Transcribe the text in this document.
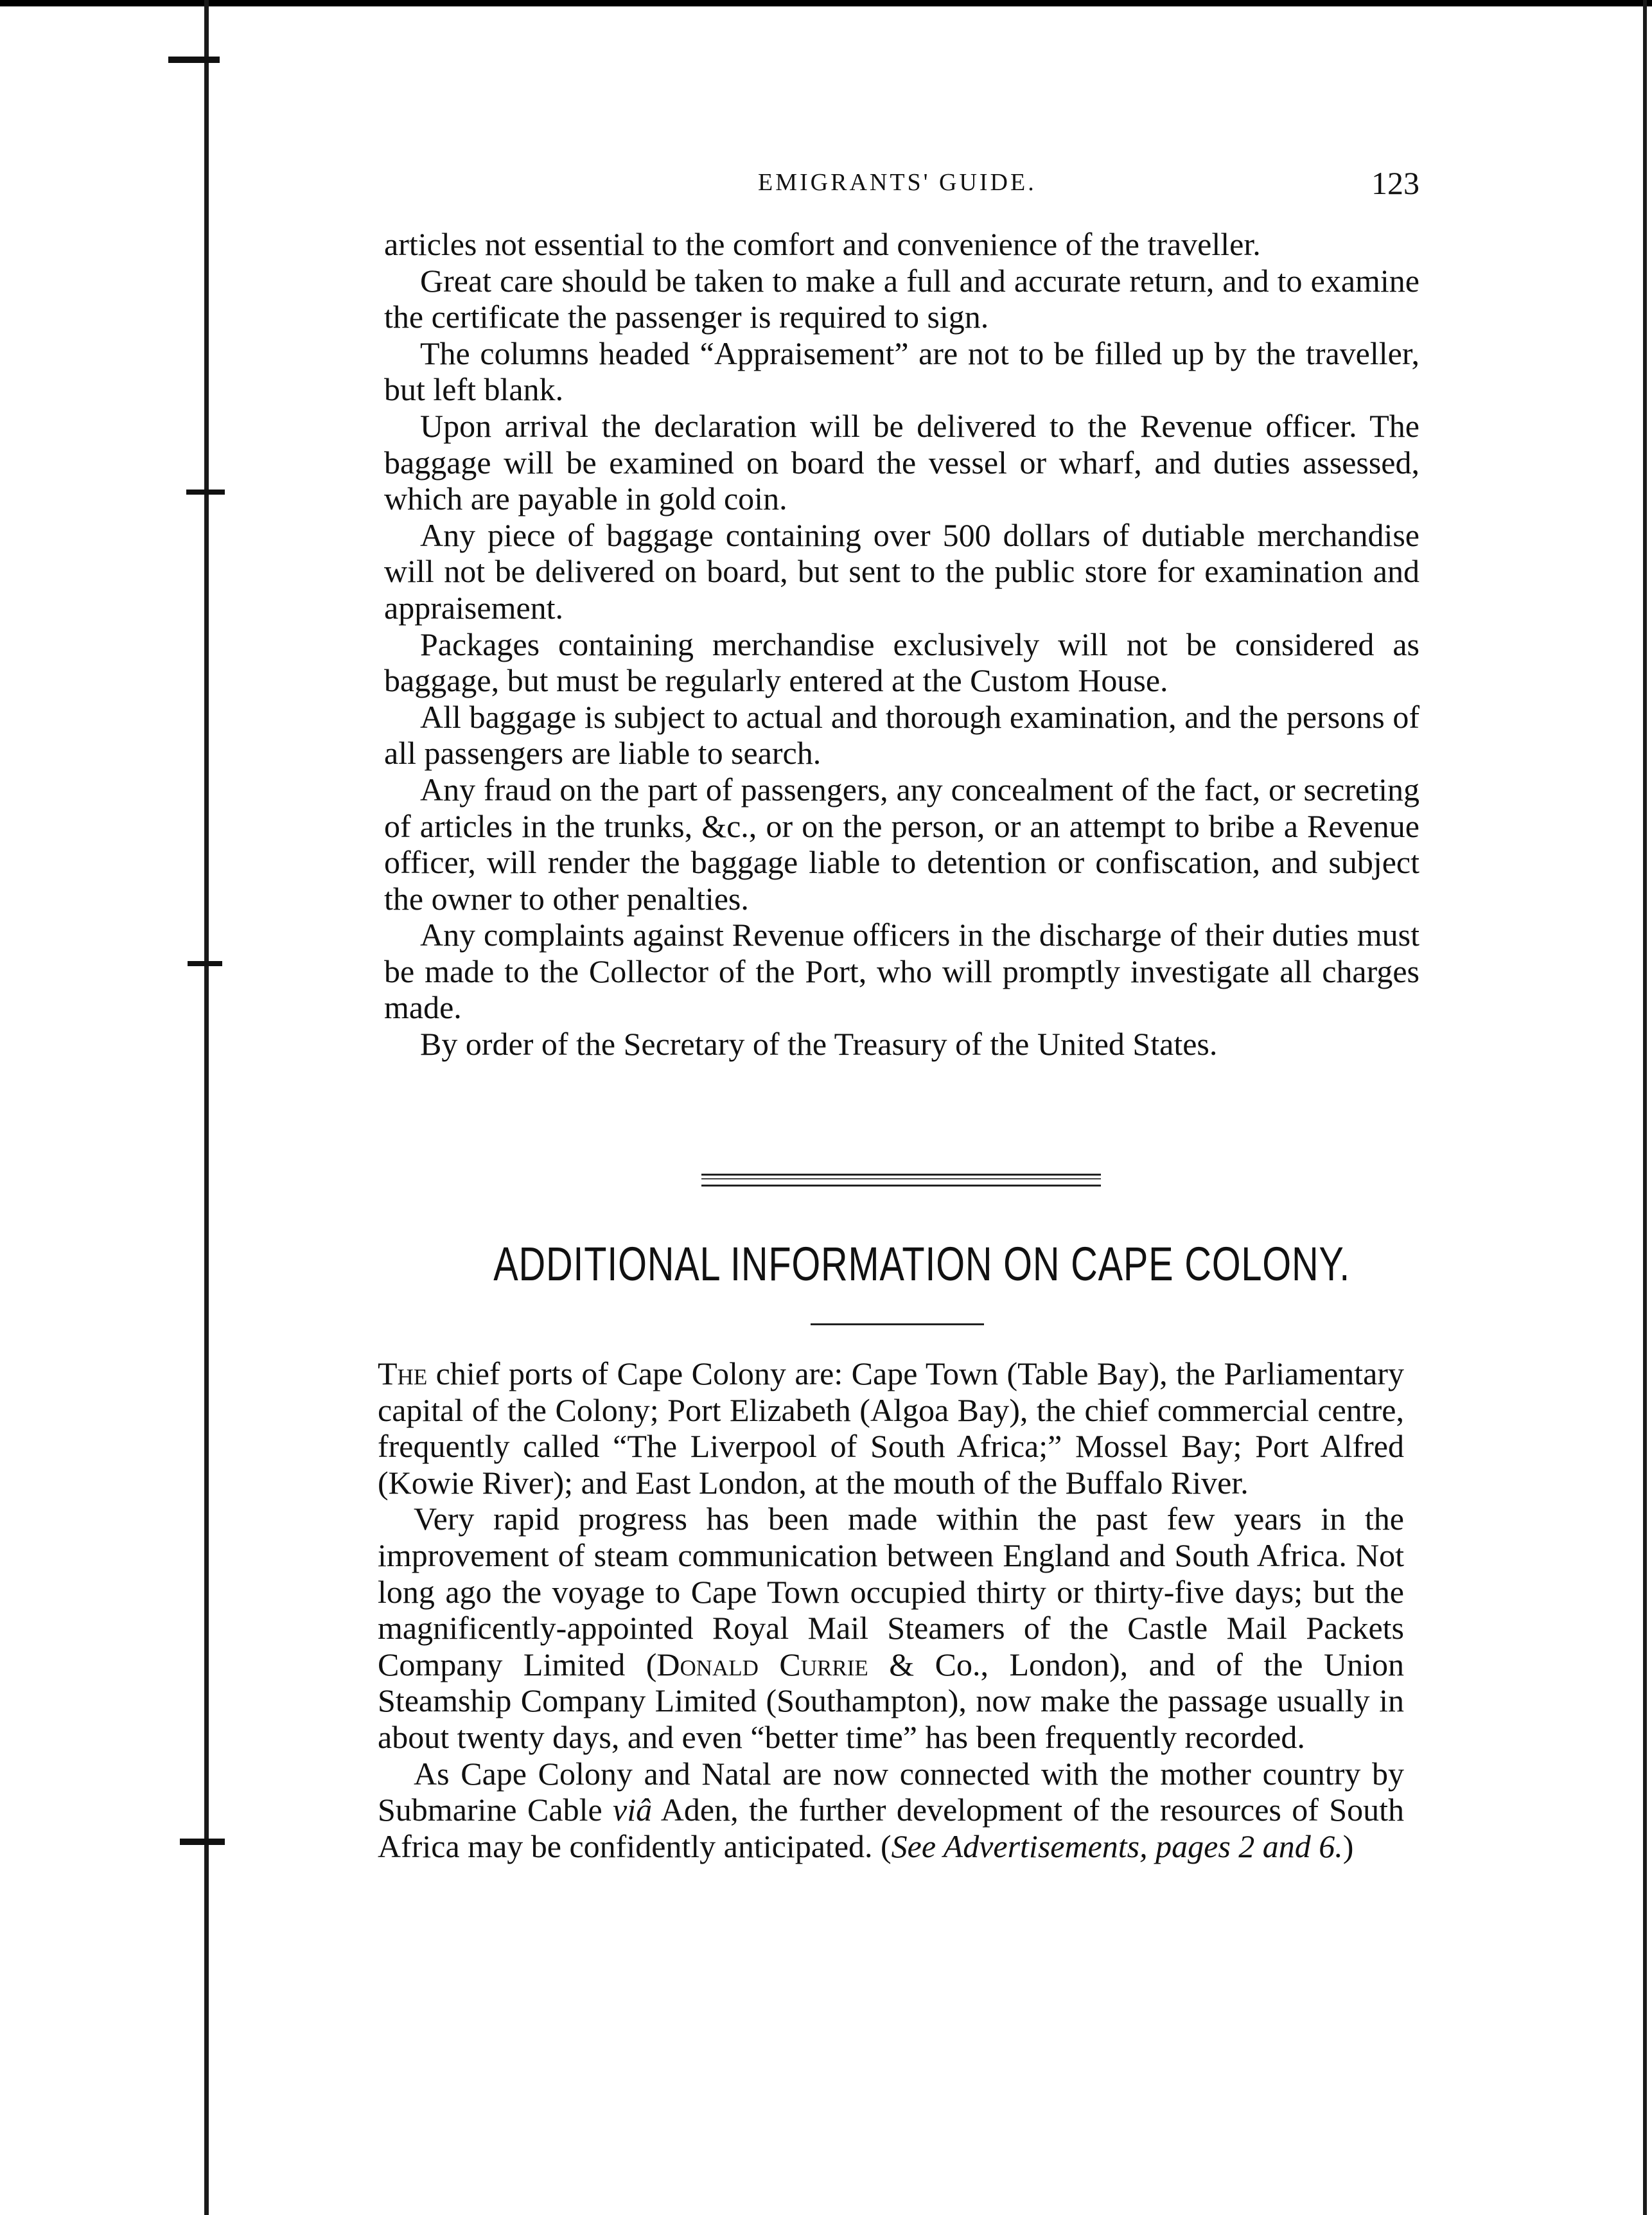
EMIGRANTS' GUIDE.	123

articles not essential to the comfort and convenience of the traveller.

Great care should be taken to make a full and accurate return, and to examine the certificate the passenger is required to sign.

The columns headed “Appraisement” are not to be filled up by the traveller, but left blank.

Upon arrival the declaration will be delivered to the Revenue officer. The baggage will be examined on board the vessel or wharf, and duties assessed, which are payable in gold coin.

Any piece of baggage containing over 500 dollars of dutiable merchandise will not be delivered on board, but sent to the public store for examination and appraisement.

Packages containing merchandise exclusively will not be considered as baggage, but must be regularly entered at the Custom House.

All baggage is subject to actual and thorough examination, and the persons of all passengers are liable to search.

Any fraud on the part of passengers, any concealment of the fact, or secreting of articles in the trunks, &c., or on the person, or an attempt to bribe a Revenue officer, will render the baggage liable to detention or confiscation, and subject the owner to other penalties.

Any complaints against Revenue officers in the discharge of their duties must be made to the Collector of the Port, who will promptly investigate all charges made.

By order of the Secretary of the Treasury of the United States.

ADDITIONAL INFORMATION ON CAPE COLONY.

The chief ports of Cape Colony are: Cape Town (Table Bay), the Parliamentary capital of the Colony; Port Elizabeth (Algoa Bay), the chief commercial centre, frequently called “The Liverpool of South Africa;” Mossel Bay; Port Alfred (Kowie River); and East London, at the mouth of the Buffalo River.

Very rapid progress has been made within the past few years in the improvement of steam communication between England and South Africa. Not long ago the voyage to Cape Town occupied thirty or thirty-five days; but the magnificently-appointed Royal Mail Steamers of the Castle Mail Packets Company Limited (Donald Currie & Co., London), and of the Union Steamship Company Limited (Southampton), now make the passage usually in about twenty days, and even “better time” has been frequently recorded.

As Cape Colony and Natal are now connected with the mother country by Submarine Cable viâ Aden, the further development of the resources of South Africa may be confidently anticipated. (See Advertisements, pages 2 and 6.)
